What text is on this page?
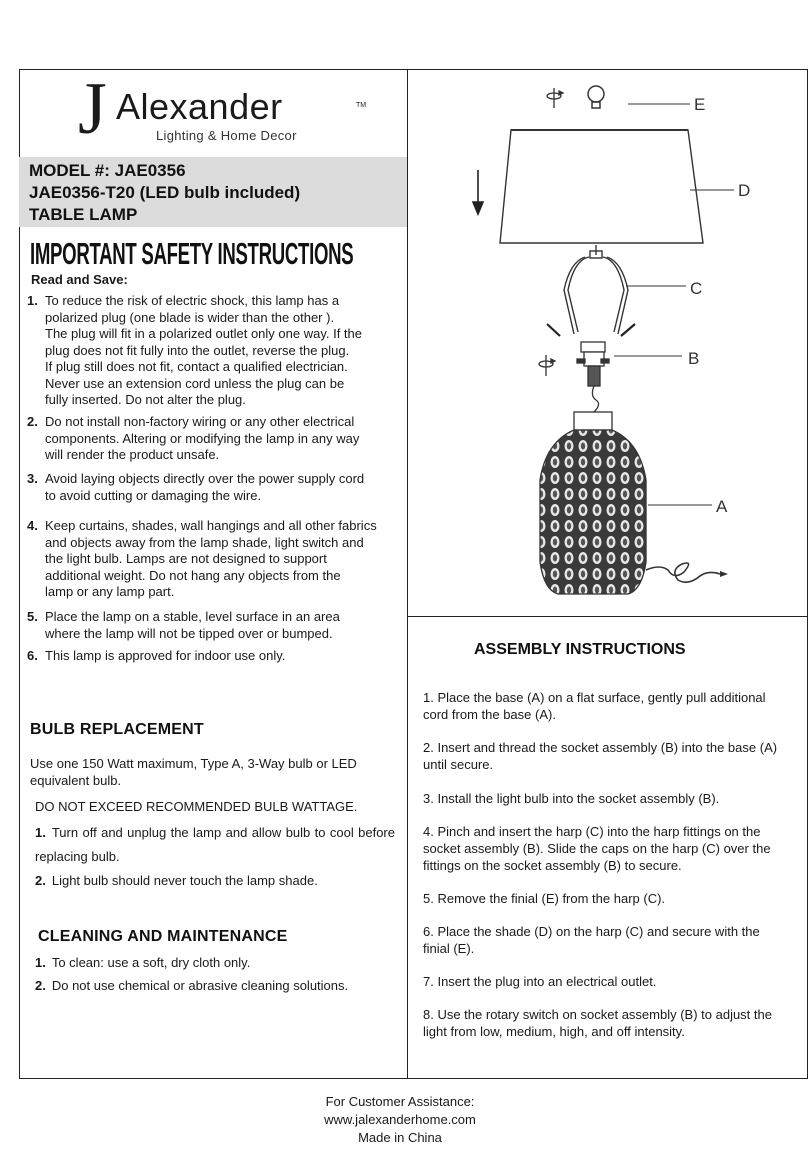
J Alexander	TM
Lighting & Home Decor
MODEL #: JAE0356
JAE0356-T20 (LED bulb included)
TABLE LAMP
IMPORTANT SAFETY INSTRUCTIONS
Read and Save:
1. To reduce the risk of electric shock, this lamp has a
polarized plug (one blade is wider than the other ).
The plug will fit in a polarized outlet only one way. If the
plug does not fit fully into the outlet, reverse the plug.
If plug still does not fit, contact a qualified electrician.
Never use an extension cord unless the plug can be
fully inserted. Do not alter the plug.
2. Do not install non-factory wiring or any other electrical
components. Altering or modifying the lamp in any way
will render the product unsafe.
3. Avoid laying objects directly over the power supply cord
to avoid cutting or damaging the wire.
4. Keep curtains, shades, wall hangings and all other fabrics
and objects away from the lamp shade, light switch and
the light bulb. Lamps are not designed to support
additional weight. Do not hang any objects from the
lamp or any lamp part.
5. Place the lamp on a stable, level surface in an area
where the lamp will not be tipped over or bumped.
6. This lamp is approved for indoor use only.
BULB REPLACEMENT
Use one 150 Watt maximum, Type A, 3-Way bulb or LED equivalent bulb.
DO NOT EXCEED RECOMMENDED BULB WATTAGE.
1. Turn off and unplug the lamp and allow bulb to cool before replacing bulb.
2. Light bulb should never touch the lamp shade.
CLEANING AND MAINTENANCE
1. To clean: use a soft, dry cloth only.
2. Do not use chemical or abrasive cleaning solutions.
ASSEMBLY INSTRUCTIONS
1. Place the base (A) on a flat surface, gently pull additional cord from the base (A).
2. Insert and thread the socket assembly (B) into the base (A) until secure.
3. Install the light bulb into the socket assembly (B).
4. Pinch and insert the harp (C) into the harp fittings on the socket assembly (B). Slide the caps on the harp (C) over the fittings on the socket assembly (B) to secure.
5. Remove the finial (E) from the harp (C).
6. Place the shade (D) on the harp (C) and secure with the finial (E).
7. Insert the plug into an electrical outlet.
8. Use the rotary switch on socket assembly (B) to adjust the light from low, medium, high, and off intensity.
E
D
C
B
A
For Customer Assistance:
www.jalexanderhome.com
Made in China
